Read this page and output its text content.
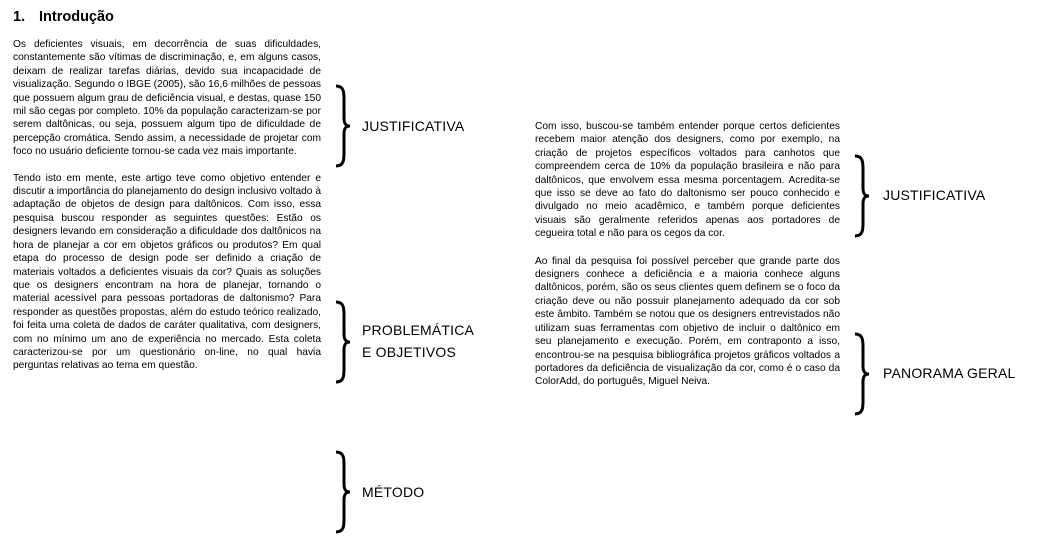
1. Introdução

Os deficientes visuais, em decorrência de suas dificuldades, constantemente são vítimas de discriminação, e, em alguns casos, deixam de realizar tarefas diárias, devido sua incapacidade de visualização. Segundo o IBGE (2005), são 16,6 milhões de pessoas que possuem algum grau de deficiência visual, e destas, quase 150 mil são cegas por completo. 10% da população caracterizam-se por serem daltônicas, ou seja, possuem algum tipo de dificuldade de percepção cromática. Sendo assim, a necessidade de projetar com foco no usuário deficiente tornou-se cada vez mais importante.

Tendo isto em mente, este artigo teve como objetivo entender e discutir a importância do planejamento do design inclusivo voltado à adaptação de objetos de design para daltônicos. Com isso, essa pesquisa buscou responder as seguintes questões: Estão os designers levando em consideração a dificuldade dos daltônicos na hora de planejar a cor em objetos gráficos ou produtos? Em qual etapa do processo de design pode ser definido a criação de materiais voltados a deficientes visuais da cor? Quais as soluções que os designers encontram na hora de planejar, tornando o material acessível para pessoas portadoras de daltonismo? Para responder as questões propostas, além do estudo teórico realizado, foi feita uma coleta de dados de caráter qualitativa, com designers, com no mínimo um ano de experiência no mercado. Esta coleta caracterizou-se por um questionário on-line, no qual havia perguntas relativas ao tema em questão.

Com isso, buscou-se também entender porque certos deficientes recebem maior atenção dos designers, como por exemplo, na criação de projetos específicos voltados para canhotos que compreendem cerca de 10% da população brasileira e não para daltônicos, que envolvem essa mesma porcentagem. Acredita-se que isso se deve ao fato do daltonismo ser pouco conhecido e divulgado no meio acadêmico, e também porque deficientes visuais são geralmente referidos apenas aos portadores de cegueira total e não para os cegos da cor.

Ao final da pesquisa foi possível perceber que grande parte dos designers conhece a deficiência e a maioria conhece alguns daltônicos, porém, são os seus clientes quem definem se o foco da criação deve ou não possuir planejamento adequado da cor sob este âmbito. Também se notou que os designers entrevistados não utilizam suas ferramentas com objetivo de incluir o daltônico em seu planejamento e execução. Porém, em contraponto a isso, encontrou-se na pesquisa bibliográfica projetos gráficos voltados a portadores da deficiência de visualização da cor, como é o caso da ColorAdd, do português, Miguel Neiva.

JUSTIFICATIVA
PROBLEMÁTICA
E OBJETIVOS
MÉTODO
JUSTIFICATIVA
PANORAMA GERAL
